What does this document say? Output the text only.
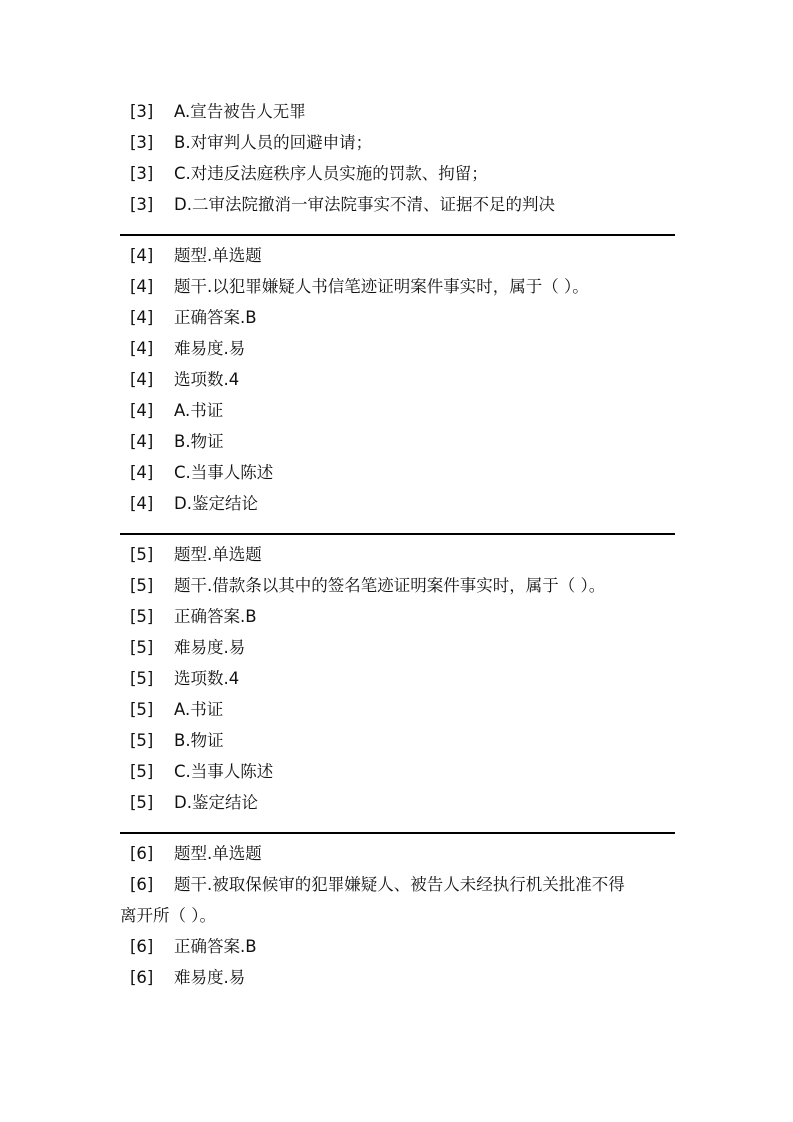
[3]	A.宣告被告人无罪
[3]	B.对审判人员的回避申请；
[3]	C.对违反法庭秩序人员实施的罚款、拘留；
[3]	D.二审法院撤消一审法院事实不清、证据不足的判决
[4]	题型.单选题
[4]	题干.以犯罪嫌疑人书信笔迹证明案件事实时，属于（ ）。
[4]	正确答案.B
[4]	难易度.易
[4]	选项数.4
[4]	A.书证
[4]	B.物证
[4]	C.当事人陈述
[4]	D.鉴定结论
[5]	题型.单选题
[5]	题干.借款条以其中的签名笔迹证明案件事实时，属于（ ）。
[5]	正确答案.B
[5]	难易度.易
[5]	选项数.4
[5]	A.书证
[5]	B.物证
[5]	C.当事人陈述
[5]	D.鉴定结论
[6]	题型.单选题
[6]	题干.被取保候审的犯罪嫌疑人、被告人未经执行机关批准不得
离开所（ ）。
[6]	正确答案.B
[6]	难易度.易
